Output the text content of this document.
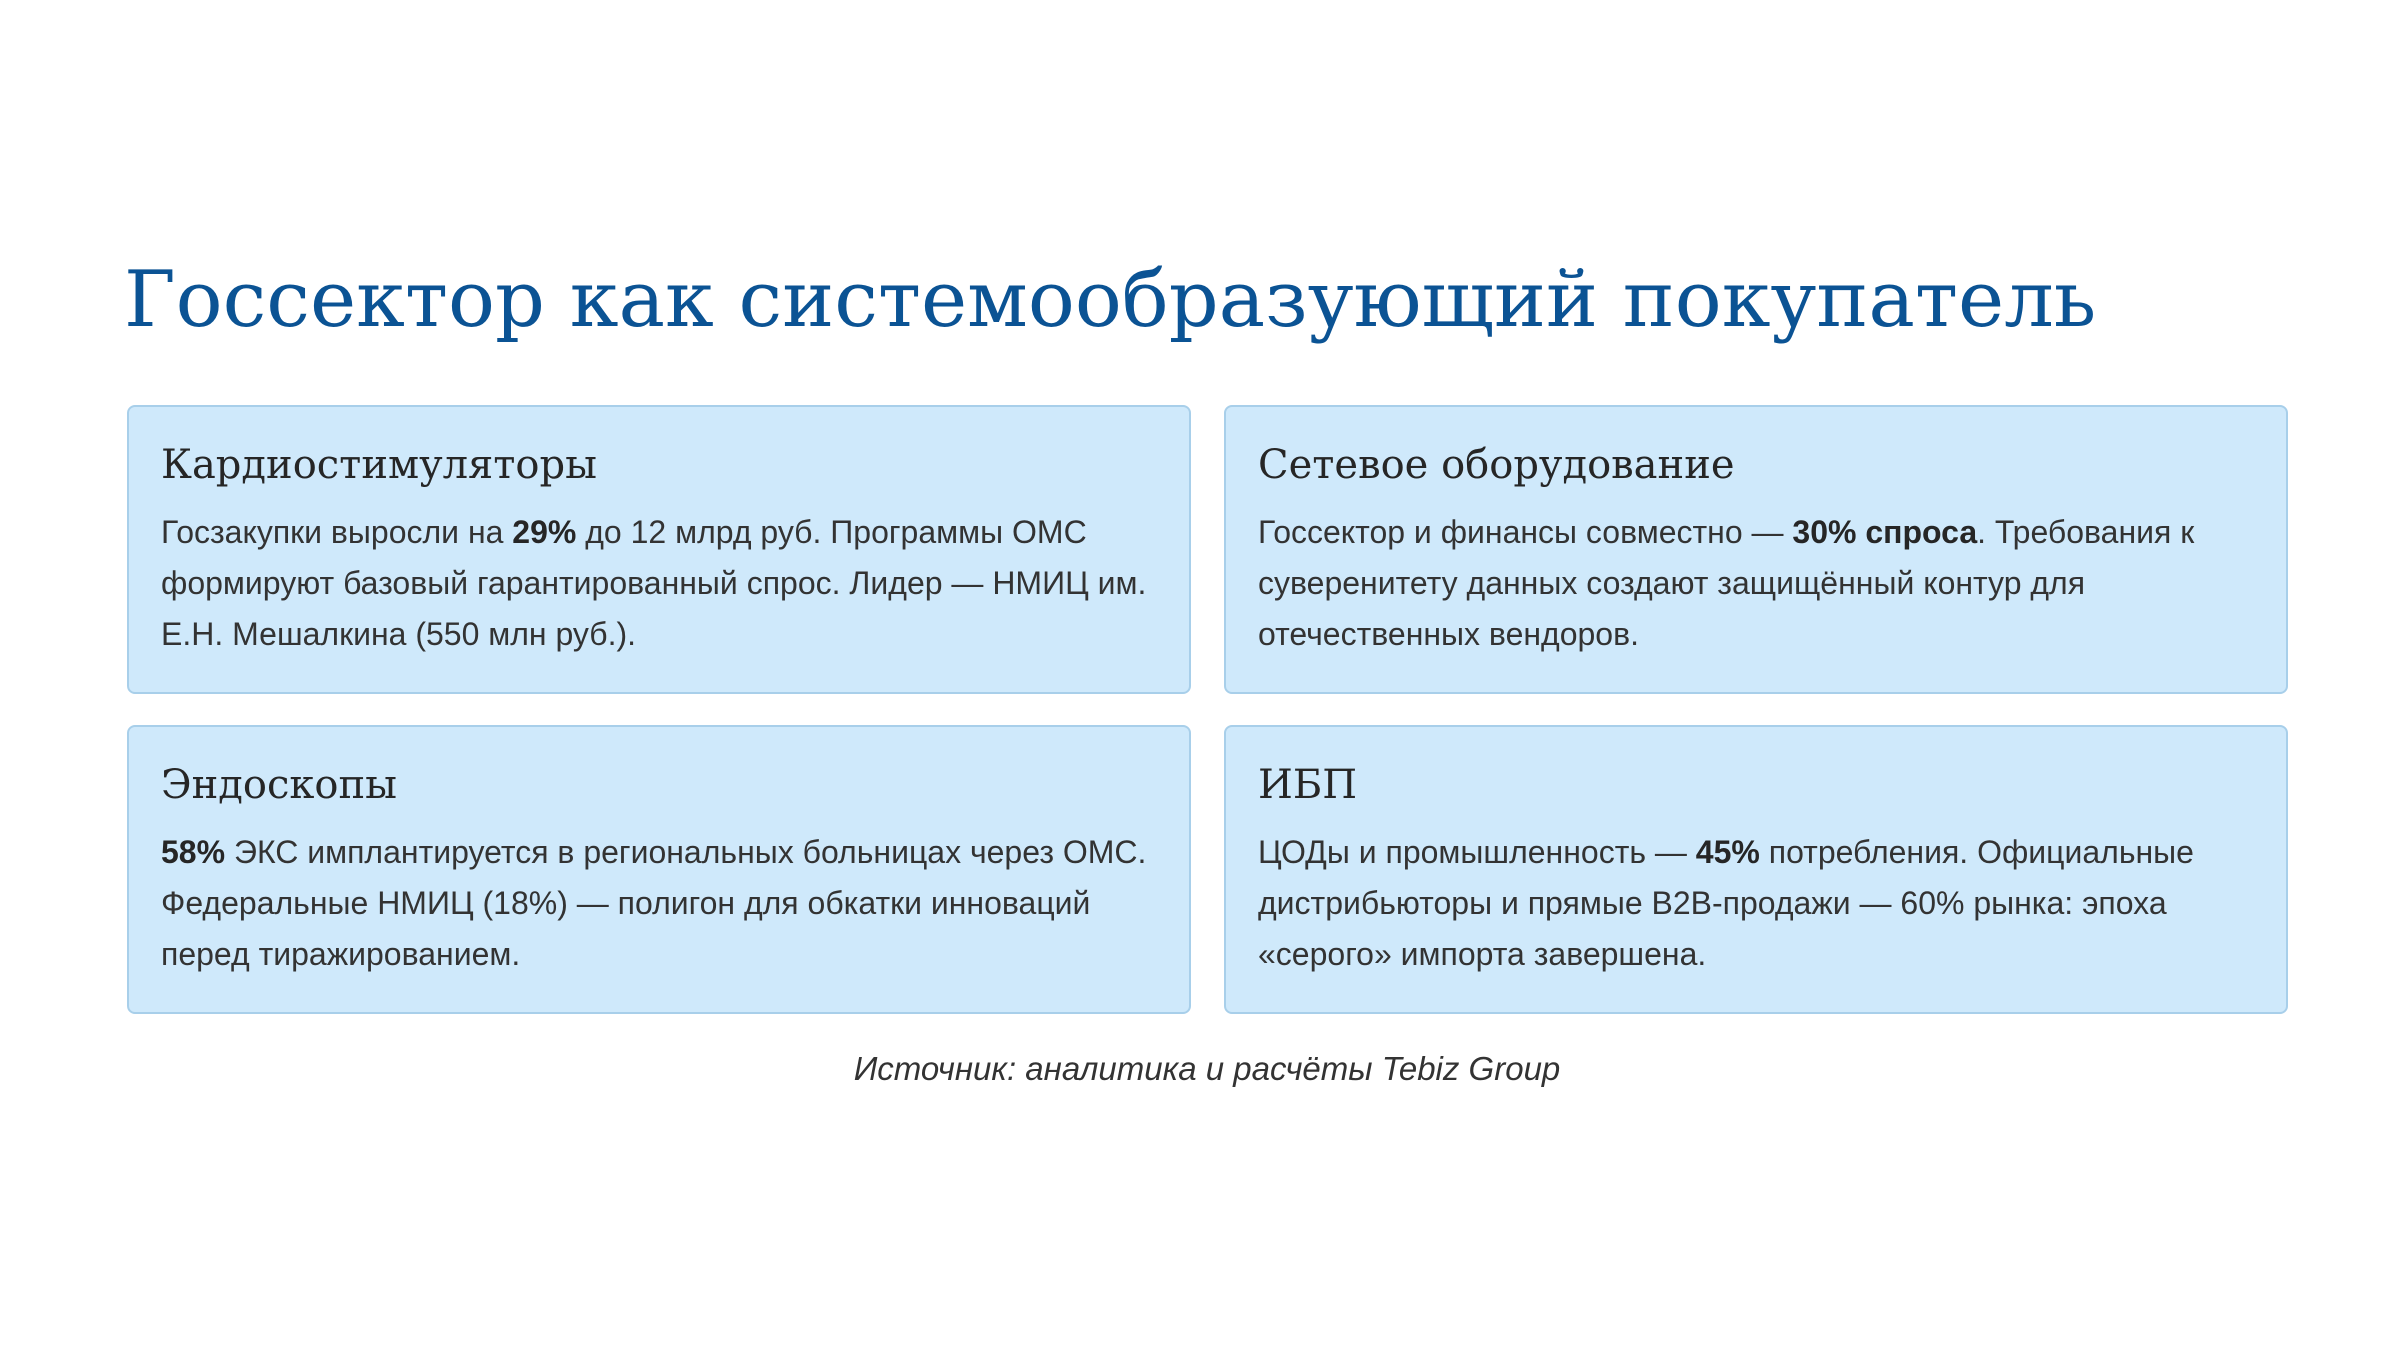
Госсектор как системообразующий покупатель
Кардиостимуляторы

Госзакупки выросли на 29% до 12 млрд руб. Программы ОМС формируют базовый гарантированный спрос. Лидер — НМИЦ им. Е.Н. Мешалкина (550 млн руб.).

Сетевое оборудование

Госсектор и финансы совместно — 30% спроса. Требования к суверенитету данных создают защищённый контур для отечественных вендоров.

Эндоскопы

58% ЭКС имплантируется в региональных больницах через ОМС. Федеральные НМИЦ (18%) — полигон для обкатки инноваций перед тиражированием.

ИБП

ЦОДы и промышленность — 45% потребления. Официальные дистрибьюторы и прямые B2B-продажи — 60% рынка: эпоха «серого» импорта завершена.

Источник: аналитика и расчёты Tebiz Group
